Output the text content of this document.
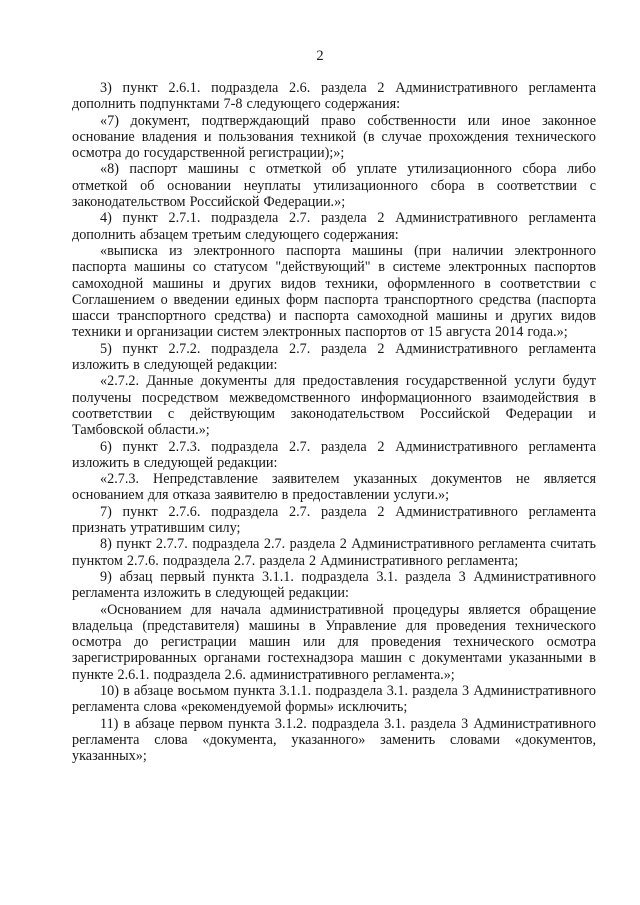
2

3) пункт 2.6.1. подраздела 2.6. раздела 2 Административного регламента дополнить подпунктами 7-8 следующего содержания:

«7) документ, подтверждающий право собственности или иное законное основание владения и пользования техникой (в случае прохождения технического осмотра до государственной регистрации);»;

«8) паспорт машины с отметкой об уплате утилизационного сбора либо отметкой об основании неуплаты утилизационного сбора в соответствии с законодательством Российской Федерации.»;

4) пункт 2.7.1. подраздела 2.7. раздела 2 Административного регламента дополнить абзацем третьим следующего содержания:

«выписка из электронного паспорта машины (при наличии электронного паспорта машины со статусом "действующий" в системе электронных паспортов самоходной машины и других видов техники, оформленного в соответствии с Соглашением о введении единых форм паспорта транспортного средства (паспорта шасси транспортного средства) и паспорта самоходной машины и других видов техники и организации систем электронных паспортов от 15 августа 2014 года.»;

5) пункт 2.7.2. подраздела 2.7. раздела 2 Административного регламента изложить в следующей редакции:

«2.7.2. Данные документы для предоставления государственной услуги будут получены посредством межведомственного информационного взаимодействия в соответствии с действующим законодательством Российской Федерации и Тамбовской области.»;

6) пункт 2.7.3. подраздела 2.7. раздела 2 Административного регламента изложить в следующей редакции:

«2.7.3. Непредставление заявителем указанных документов не является основанием для отказа заявителю в предоставлении услуги.»;

7) пункт 2.7.6. подраздела 2.7. раздела 2 Административного регламента признать утратившим силу;

8) пункт 2.7.7. подраздела 2.7. раздела 2 Административного регламента считать пунктом 2.7.6. подраздела 2.7. раздела 2 Административного регламента;

9) абзац первый пункта 3.1.1. подраздела 3.1. раздела 3 Административного регламента изложить в следующей редакции:

«Основанием для начала административной процедуры является обращение владельца (представителя) машины в Управление для проведения технического осмотра до регистрации машин или для проведения технического осмотра зарегистрированных органами гостехнадзора машин с документами указанными в пункте 2.6.1. подраздела 2.6. административного регламента.»;

10) в абзаце восьмом пункта 3.1.1. подраздела 3.1. раздела 3 Административного регламента слова «рекомендуемой формы» исключить;

11) в абзаце первом пункта 3.1.2. подраздела 3.1. раздела 3 Административного регламента слова «документа, указанного» заменить словами «документов, указанных»;
